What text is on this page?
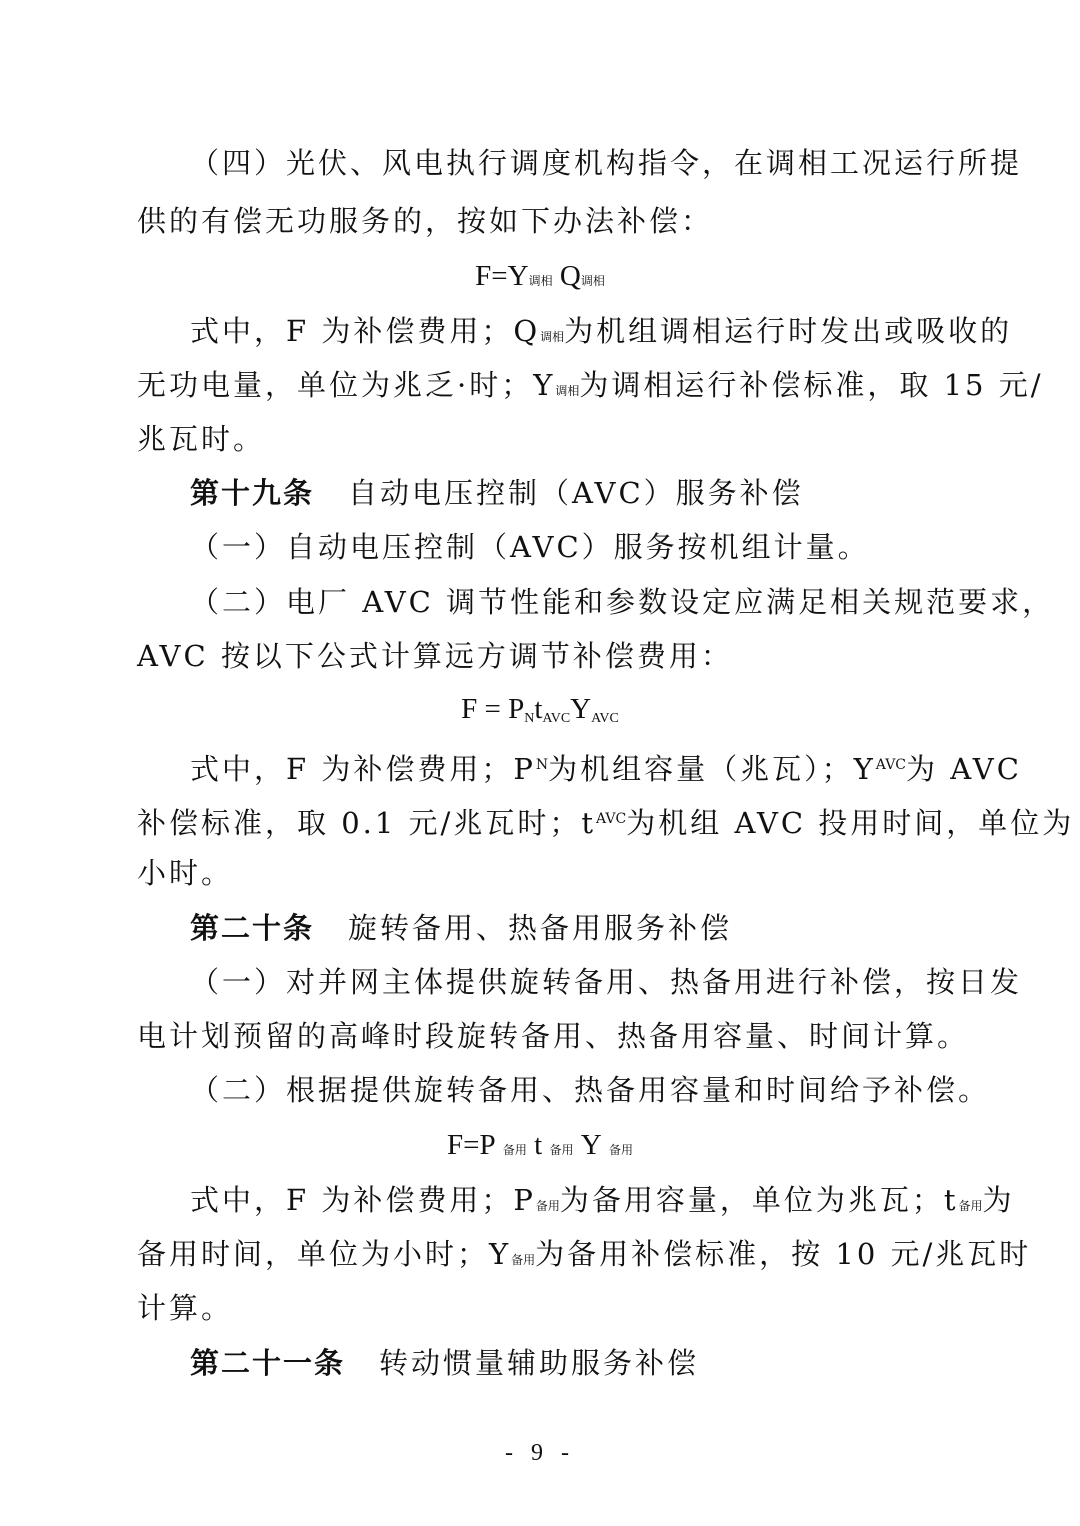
（四）光伏、风电执行调度机构指令，在调相工况运行所提
供的有偿无功服务的，按如下办法补偿：
F=Y调相 Q调相
式中，F 为补偿费用；Q调相为机组调相运行时发出或吸收的
无功电量，单位为兆乏·时；Y调相为调相运行补偿标准，取 15 元/
兆瓦时。
第十九条 自动电压控制（AVC）服务补偿
（一）自动电压控制（AVC）服务按机组计量。
（二）电厂 AVC 调节性能和参数设定应满足相关规范要求，
AVC 按以下公式计算远方调节补偿费用：
F = PNtAVCYAVC
式中，F 为补偿费用；$P^N$为机组容量（兆瓦）；$Y^{AVC}$为 AVC
补偿标准，取 0.1 元/兆瓦时；$t^{AVC}$为机组 AVC 投用时间，单位为
小时。
第二十条 旋转备用、热备用服务补偿
（一）对并网主体提供旋转备用、热备用进行补偿，按日发
电计划预留的高峰时段旋转备用、热备用容量、时间计算。
（二）根据提供旋转备用、热备用容量和时间给予补偿。
F=P 备用 t 备用 Y 备用
式中，F 为补偿费用；P备用为备用容量，单位为兆瓦；t备用为
备用时间，单位为小时；Y备用为备用补偿标准，按 10 元/兆瓦时
计算。
第二十一条 转动惯量辅助服务补偿
- 9 -
